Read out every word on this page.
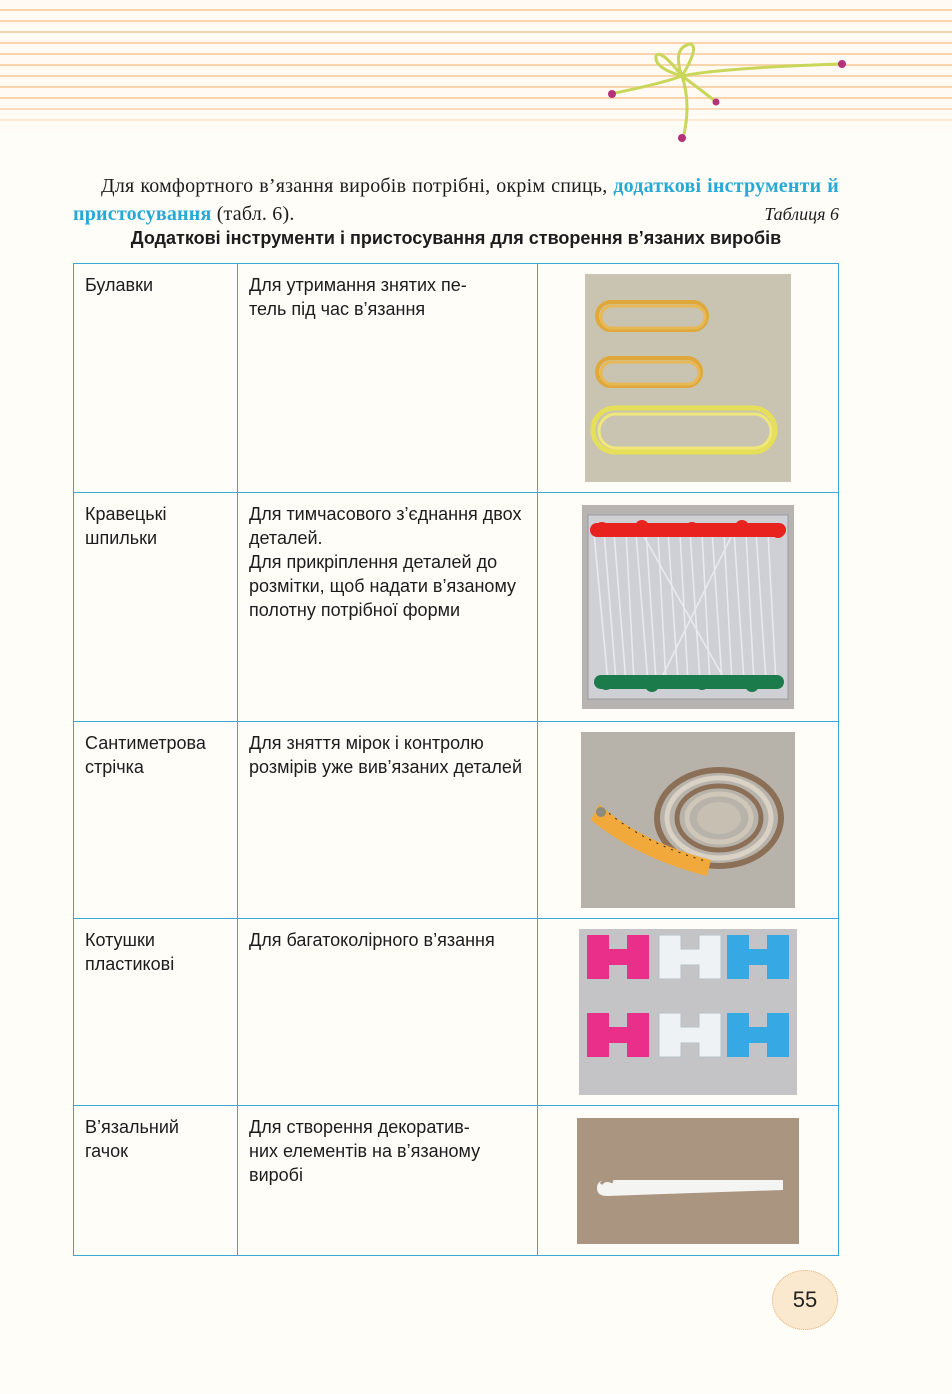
Для комфортного в’язання виробів потрібні, окрім спиць, додаткові інструменти й пристосування (табл. 6).	Таблиця 6
Додаткові інструменти і пристосування для створення в’язаних виробів
Булавки	Для утримання знятих пе-
тель під час в’язання	

Кравецькі шпильки	Для тимчасового з’єднання двох деталей.
Для прикріплення деталей до розмітки, щоб надати в’язаному полотну потрібної форми	

Сантиметрова стрічка	Для зняття мірок і контролю розмірів уже вив’язаних деталей	

Котушки пластикові	Для багатоколірного в’язання	

В’язальний гачок	Для створення декоратив-
них елементів на в’язаному виробі	
55
